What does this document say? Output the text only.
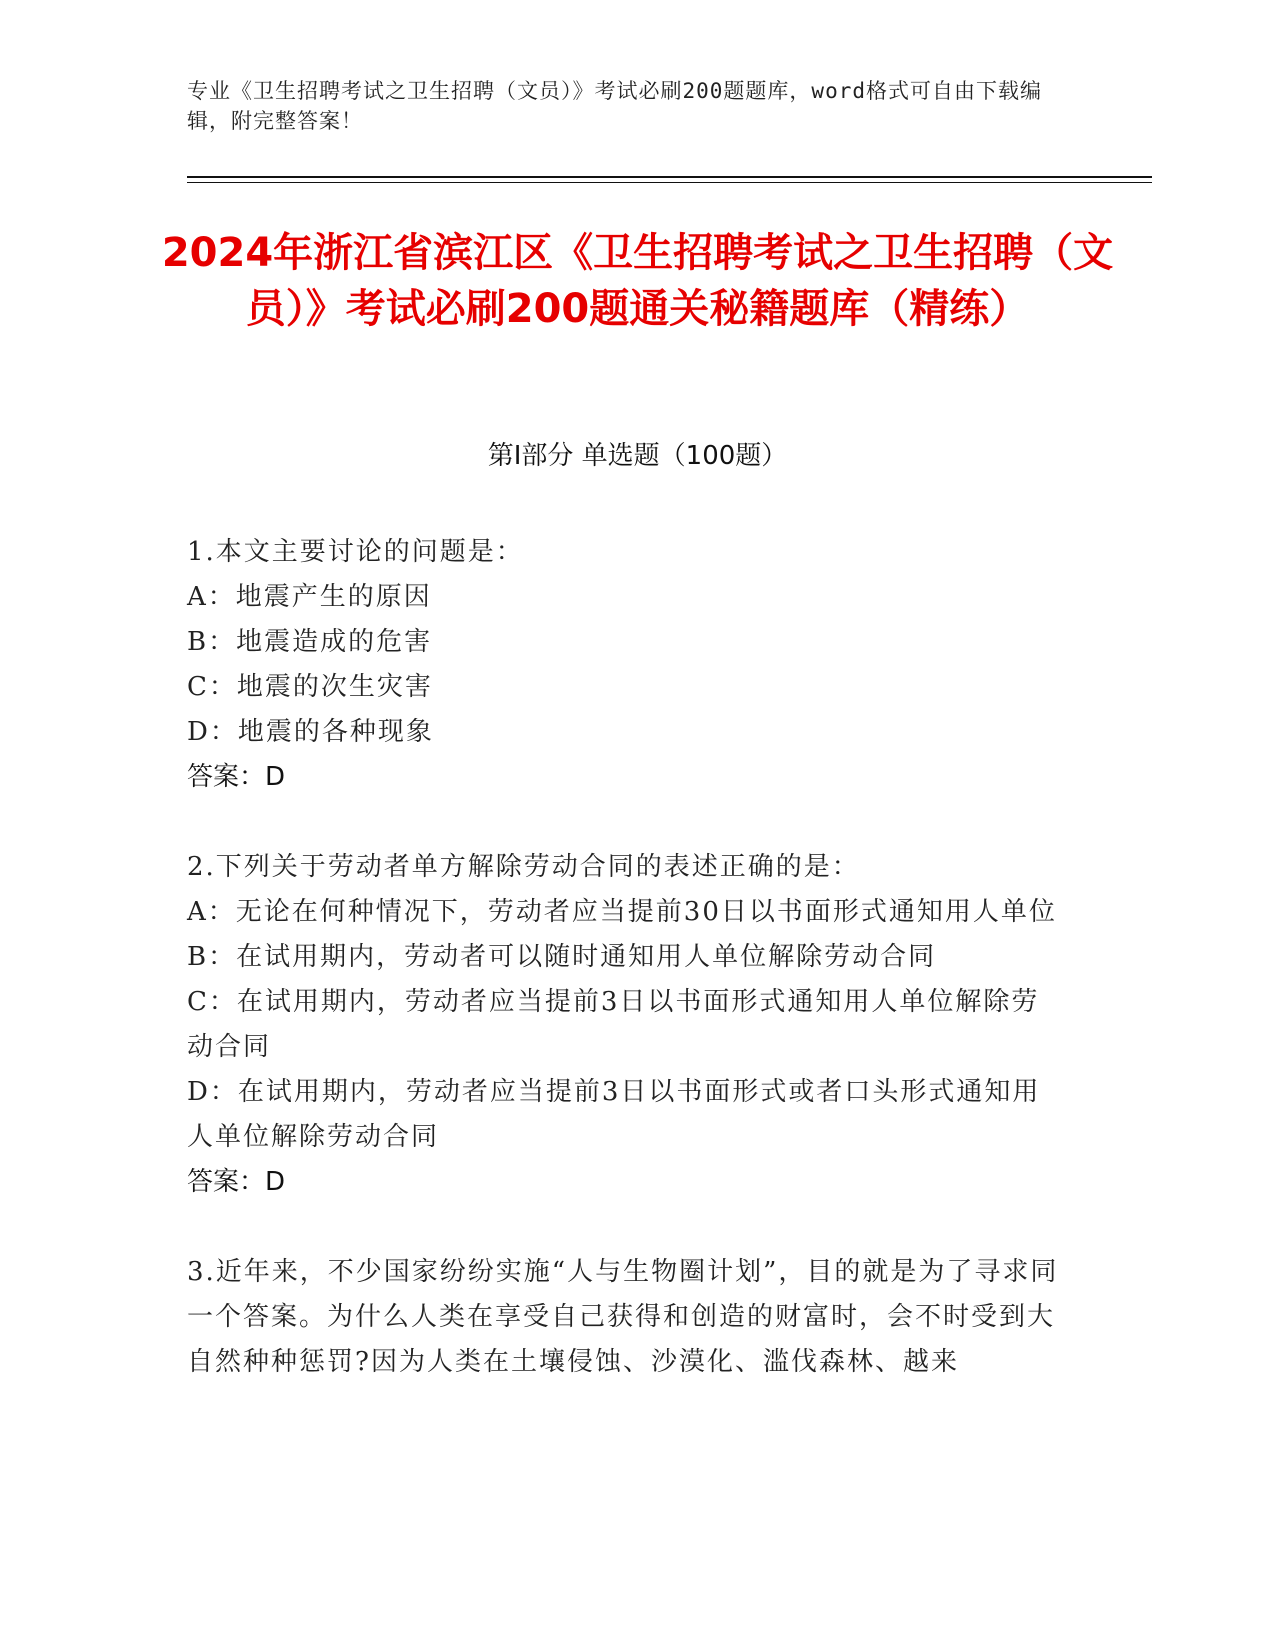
专业《卫生招聘考试之卫生招聘（文员）》考试必刷200题题库，word格式可自由下载编辑，附完整答案！
2024年浙江省滨江区《卫生招聘考试之卫生招聘（文员）》考试必刷200题通关秘籍题库（精练）
第Ⅰ部分 单选题（100题）

1.本文主要讨论的问题是：

A：地震产生的原因

B：地震造成的危害

C：地震的次生灾害

D：地震的各种现象

答案：D

2.下列关于劳动者单方解除劳动合同的表述正确的是：

A：无论在何种情况下，劳动者应当提前30日以书面形式通知用人单位

B：在试用期内，劳动者可以随时通知用人单位解除劳动合同

C：在试用期内，劳动者应当提前3日以书面形式通知用人单位解除劳动合同

D：在试用期内，劳动者应当提前3日以书面形式或者口头形式通知用人单位解除劳动合同

答案：D

3.近年来，不少国家纷纷实施“人与生物圈计划”，目的就是为了寻求同一个答案。为什么人类在享受自己获得和创造的财富时，会不时受到大自然种种惩罚?因为人类在土壤侵蚀、沙漠化、滥伐森林、越来
